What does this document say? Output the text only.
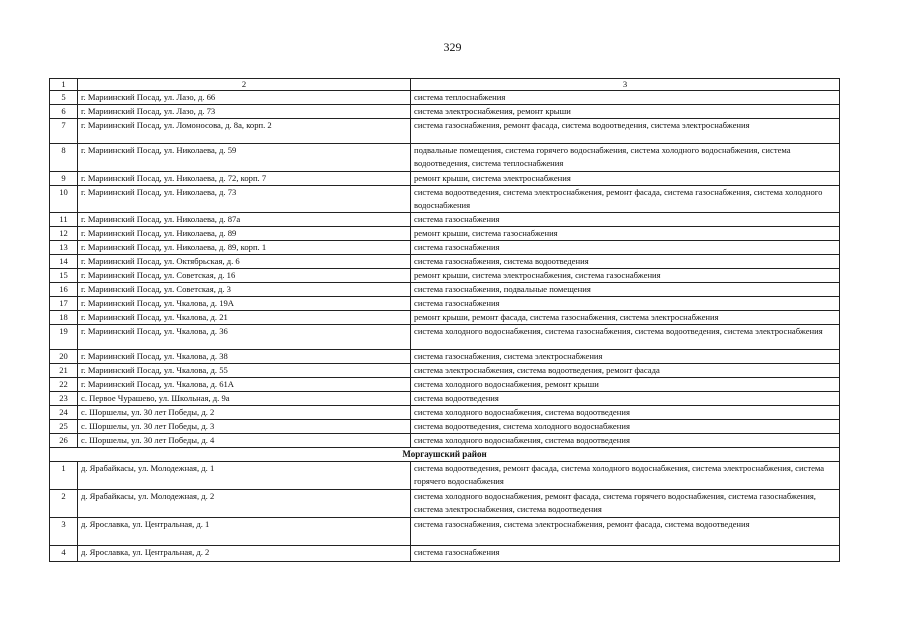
329
1	2	3
5	г. Мариинский Посад, ул. Лазо, д. 66	система теплоснабжения
6	г. Мариинский Посад, ул. Лазо, д. 73	система электроснабжения, ремонт крыши
7	г. Мариинский Посад, ул. Ломоносова, д. 8а, корп. 2	система газоснабжения, ремонт фасада, система водоотведения, система электроснабжения
8	г. Мариинский Посад, ул. Николаева, д. 59	подвальные помещения, система горячего водоснабжения, система холодного водоснабжения, система водоотведения, система теплоснабжения
9	г. Мариинский Посад, ул. Николаева, д. 72, корп. 7	ремонт крыши, система электроснабжения
10	г. Мариинский Посад, ул. Николаева, д. 73	система водоотведения, система электроснабжения, ремонт фасада, система газоснабжения, система холодного водоснабжения
11	г. Мариинский Посад, ул. Николаева, д. 87а	система газоснабжения
12	г. Мариинский Посад, ул. Николаева, д. 89	ремонт крыши, система газоснабжения
13	г. Мариинский Посад, ул. Николаева, д. 89, корп. 1	система газоснабжения
14	г. Мариинский Посад, ул. Октябрьская, д. 6	система газоснабжения, система водоотведения
15	г. Мариинский Посад, ул. Советская, д. 16	ремонт крыши, система электроснабжения, система газоснабжения
16	г. Мариинский Посад, ул. Советская, д. 3	система газоснабжения, подвальные помещения
17	г. Мариинский Посад, ул. Чкалова, д. 19А	система газоснабжения
18	г. Мариинский Посад, ул. Чкалова, д. 21	ремонт крыши, ремонт фасада, система газоснабжения, система электроснабжения
19	г. Мариинский Посад, ул. Чкалова, д. 36	система холодного водоснабжения, система газоснабжения, система водоотведения, система электроснабжения
20	г. Мариинский Посад, ул. Чкалова, д. 38	система газоснабжения, система электроснабжения
21	г. Мариинский Посад, ул. Чкалова, д. 55	система электроснабжения, система водоотведения, ремонт фасада
22	г. Мариинский Посад, ул. Чкалова, д. 61А	система холодного водоснабжения, ремонт крыши
23	с. Первое Чурашево, ул. Школьная, д. 9а	система водоотведения
24	с. Шоршелы, ул. 30 лет Победы, д. 2	система холодного водоснабжения, система водоотведения
25	с. Шоршелы, ул. 30 лет Победы, д. 3	система водоотведения, система холодного водоснабжения
26	с. Шоршелы, ул. 30 лет Победы, д. 4	система холодного водоснабжения, система водоотведения
Моргаушский район		
1	д. Ярабайкасы, ул. Молодежная, д. 1	система водоотведения, ремонт фасада, система холодного водоснабжения, система электроснабжения, система горячего водоснабжения
2	д. Ярабайкасы, ул. Молодежная, д. 2	система холодного водоснабжения, ремонт фасада, система горячего водоснабжения, система газоснабжения, система электроснабжения, система водоотведения
3	д. Ярославка, ул. Центральная, д. 1	система газоснабжения, система электроснабжения, ремонт фасада, система водоотведения
4	д. Ярославка, ул. Центральная, д. 2	система газоснабжения
